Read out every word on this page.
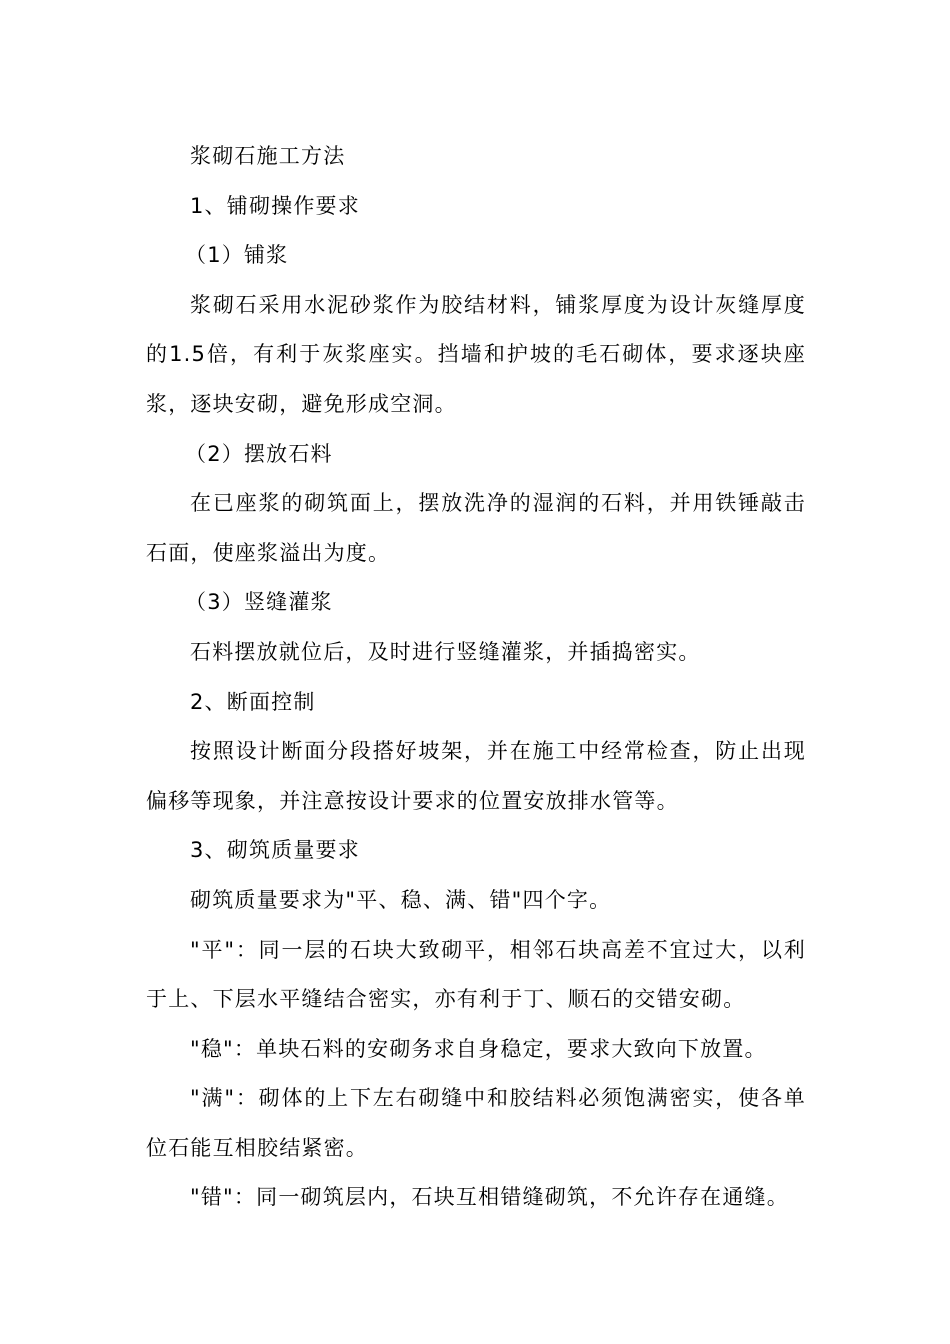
浆砌石施工方法

1、铺砌操作要求

（1）铺浆

浆砌石采用水泥砂浆作为胶结材料，铺浆厚度为设计灰缝厚度的1.5倍，有利于灰浆座实。挡墙和护坡的毛石砌体，要求逐块座浆，逐块安砌，避免形成空洞。

（2）摆放石料

在已座浆的砌筑面上，摆放洗净的湿润的石料，并用铁锤敲击石面，使座浆溢出为度。

（3）竖缝灌浆

石料摆放就位后，及时进行竖缝灌浆，并插捣密实。

2、断面控制

按照设计断面分段搭好坡架，并在施工中经常检查，防止出现偏移等现象，并注意按设计要求的位置安放排水管等。

3、砌筑质量要求

砌筑质量要求为"平、稳、满、错"四个字。

"平"：同一层的石块大致砌平，相邻石块高差不宜过大，以利于上、下层水平缝结合密实，亦有利于丁、顺石的交错安砌。

"稳"：单块石料的安砌务求自身稳定，要求大致向下放置。

"满"：砌体的上下左右砌缝中和胶结料必须饱满密实，使各单位石能互相胶结紧密。

"错"：同一砌筑层内，石块互相错缝砌筑，不允许存在通缝。
